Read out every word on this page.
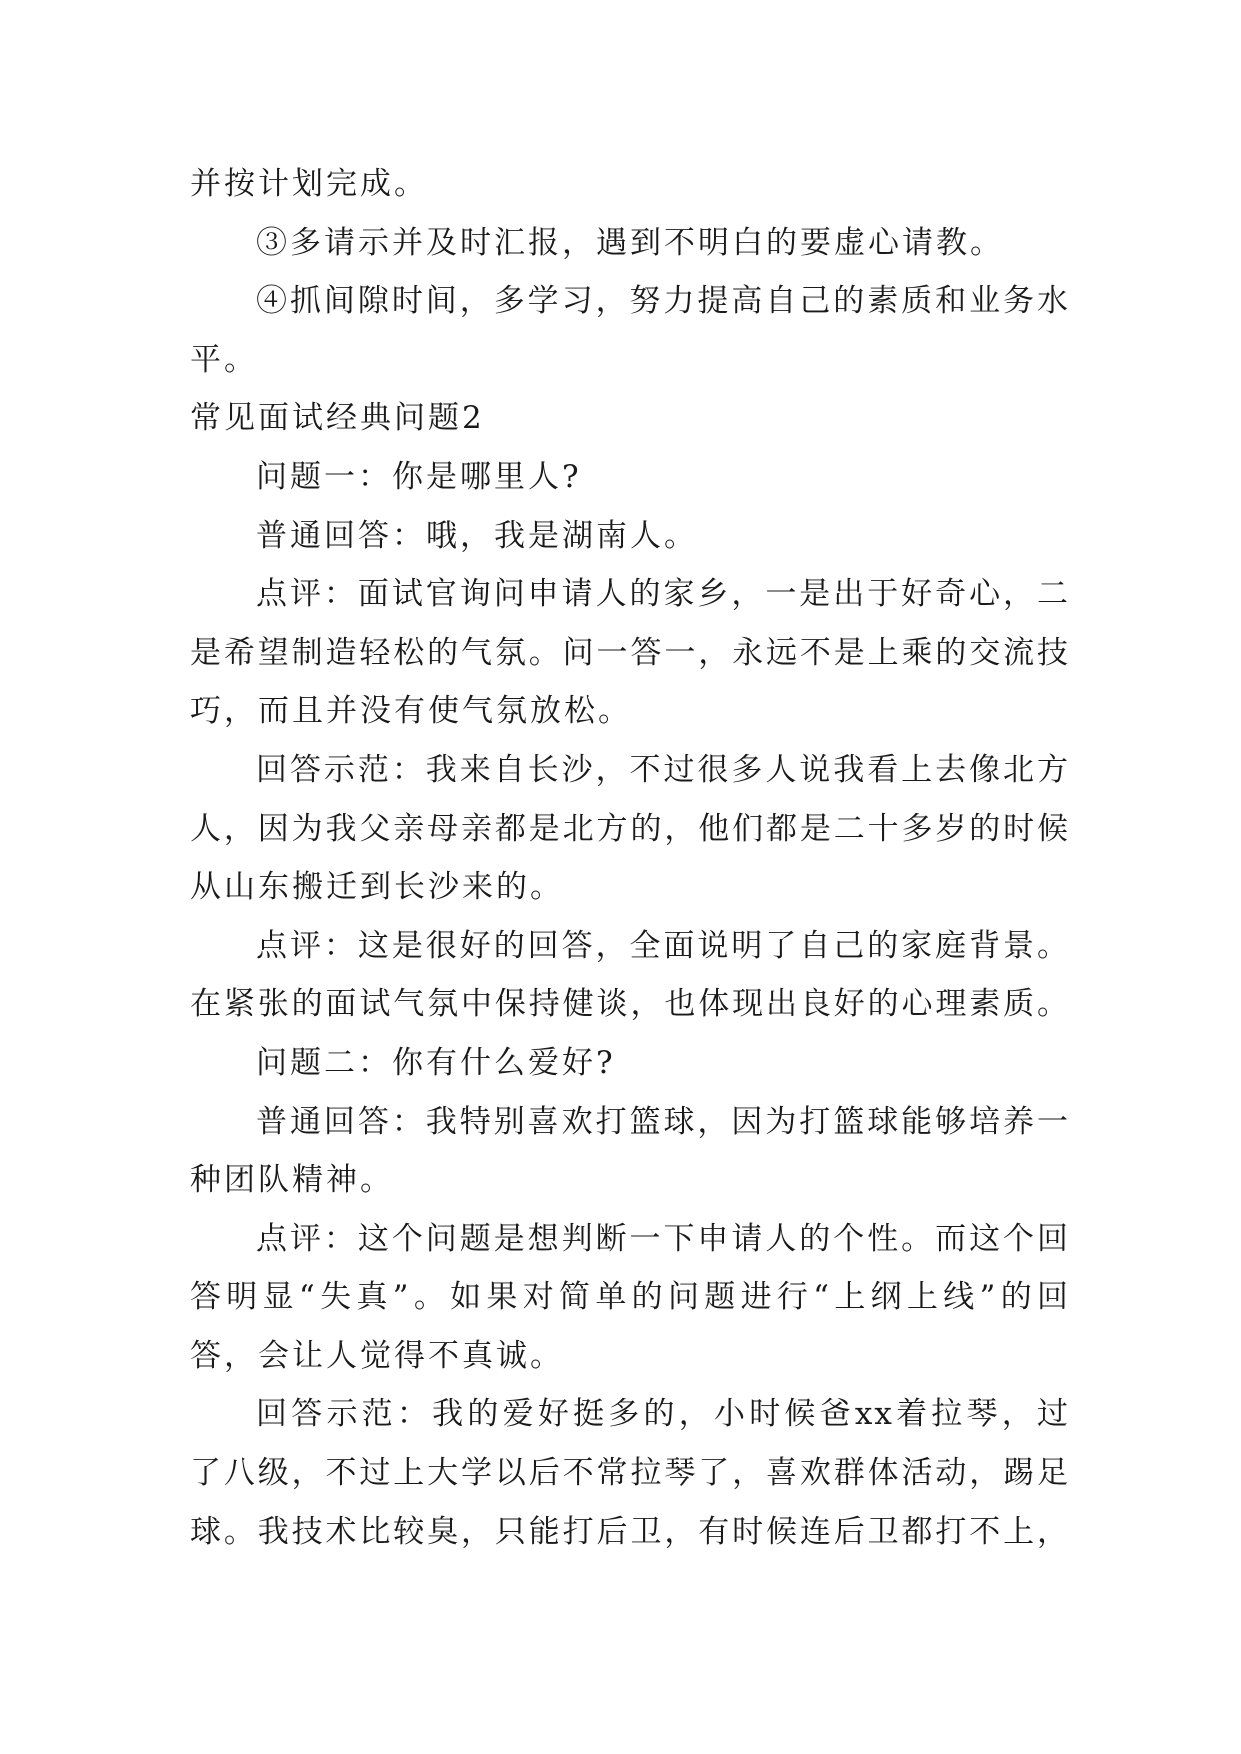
并按计划完成。
③多请示并及时汇报，遇到不明白的要虚心请教。
④抓间隙时间，多学习，努力提高自己的素质和业务水
平。
常见面试经典问题2
问题一：你是哪里人?
普通回答：哦，我是湖南人。
点评：面试官询问申请人的家乡，一是出于好奇心，二
是希望制造轻松的气氛。问一答一，永远不是上乘的交流技
巧，而且并没有使气氛放松。
回答示范：我来自长沙，不过很多人说我看上去像北方
人，因为我父亲母亲都是北方的，他们都是二十多岁的时候
从山东搬迁到长沙来的。
点评：这是很好的回答，全面说明了自己的家庭背景。
在紧张的面试气氛中保持健谈，也体现出良好的心理素质。
问题二：你有什么爱好?
普通回答：我特别喜欢打篮球，因为打篮球能够培养一
种团队精神。
点评：这个问题是想判断一下申请人的个性。而这个回
答明显“失真”。如果对简单的问题进行“上纲上线”的回
答，会让人觉得不真诚。
回答示范：我的爱好挺多的，小时候爸xx着拉琴，过
了八级，不过上大学以后不常拉琴了，喜欢群体活动，踢足
球。我技术比较臭，只能打后卫，有时候连后卫都打不上，
